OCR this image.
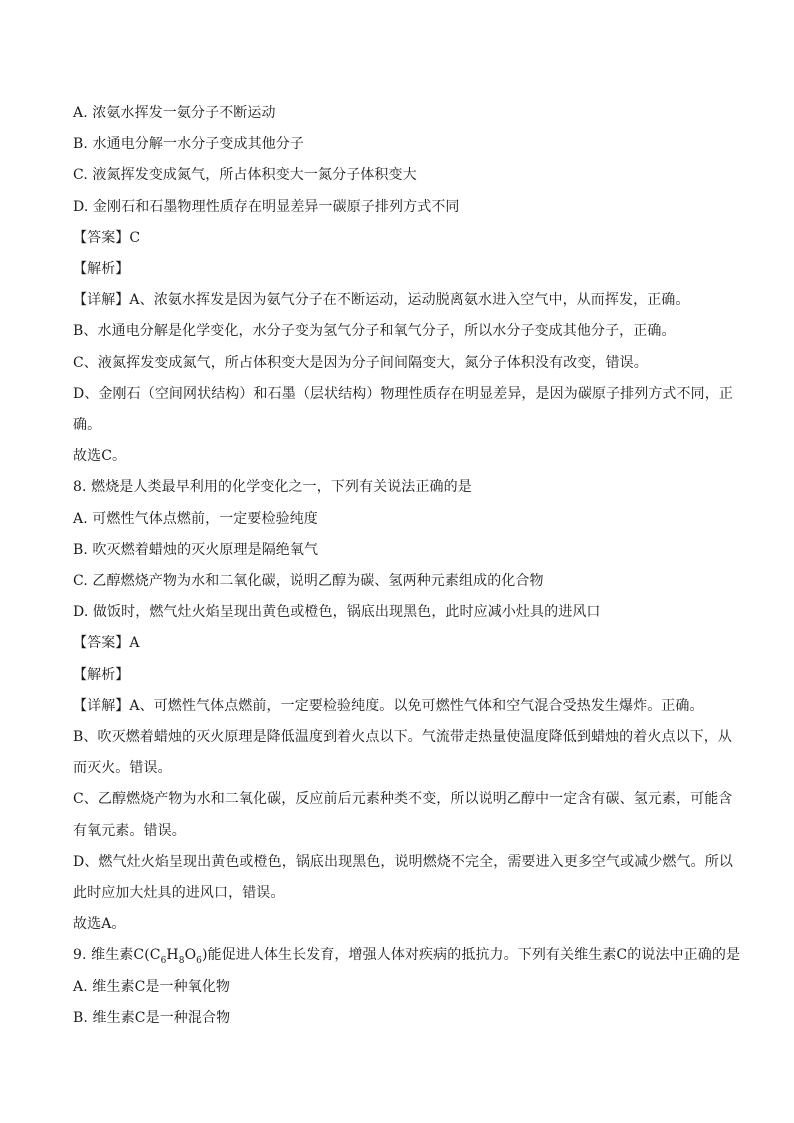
A. 浓氨水挥发一氨分子不断运动
B. 水通电分解一水分子变成其他分子
C. 液氮挥发变成氮气，所占体积变大一氮分子体积变大
D. 金刚石和石墨物理性质存在明显差异一碳原子排列方式不同
【答案】C
【解析】
【详解】A、浓氨水挥发是因为氨气分子在不断运动，运动脱离氨水进入空气中，从而挥发，正确。
B、水通电分解是化学变化，水分子变为氢气分子和氧气分子，所以水分子变成其他分子，正确。
C、液氮挥发变成氮气，所占体积变大是因为分子间间隔变大，氮分子体积没有改变，错误。
D、金刚石（空间网状结构）和石墨（层状结构）物理性质存在明显差异，是因为碳原子排列方式不同，正
确。
故选C。
8. 燃烧是人类最早利用的化学变化之一，下列有关说法正确的是
A. 可燃性气体点燃前，一定要检验纯度
B. 吹灭燃着蜡烛的灭火原理是隔绝氧气
C. 乙醇燃烧产物为水和二氧化碳，说明乙醇为碳、氢两种元素组成的化合物
D. 做饭时，燃气灶火焰呈现出黄色或橙色，锅底出现黑色，此时应减小灶具的进风口
【答案】A
【解析】
【详解】A、可燃性气体点燃前，一定要检验纯度。以免可燃性气体和空气混合受热发生爆炸。正确。
B、吹灭燃着蜡烛的灭火原理是降低温度到着火点以下。气流带走热量使温度降低到蜡烛的着火点以下，从
而灭火。错误。
C、乙醇燃烧产物为水和二氧化碳，反应前后元素种类不变，所以说明乙醇中一定含有碳、氢元素，可能含
有氧元素。错误。
D、燃气灶火焰呈现出黄色或橙色，锅底出现黑色，说明燃烧不完全，需要进入更多空气或减少燃气。所以
此时应加大灶具的进风口，错误。
故选A。
9. 维生素$C(C_6H_8O_6)$能促进人体生长发育，增强人体对疾病的抵抗力。下列有关维生素C的说法中正确的是
A. 维生素C是一种氧化物
B. 维生素C是一种混合物
